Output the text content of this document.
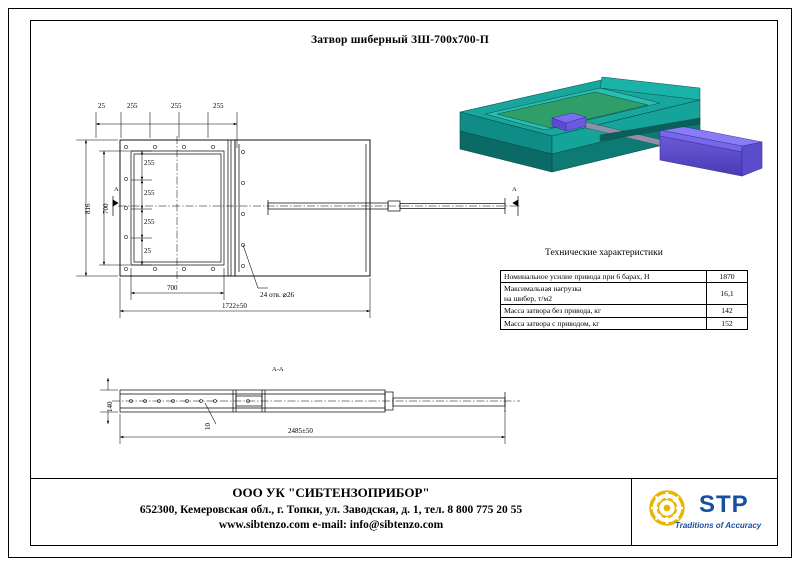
Затвор шиберный ЗШ-700х700-П
25	255	255	255
816 700
255
255
255
25
700
1722±50
24 отв. ⌀26
А	А
140
10
2485±50
А-А
Технические характеристики
Номинальное усилие привода при 6 барах, Н	1870

Максимальная нагрузка
на шибер, т/м2	16,1
Масса затвора без привода, кг	142
Масса затвора с приводом, кг	152
ООО УК "СИБТЕНЗОПРИБОР"
652300, Кемеровская обл., г. Топки, ул. Заводская, д. 1, тел. 8 800 775 20 55
www.sibtenzo.com e-mail: info@sibtenzo.com
STP
Traditions of Accuracy
